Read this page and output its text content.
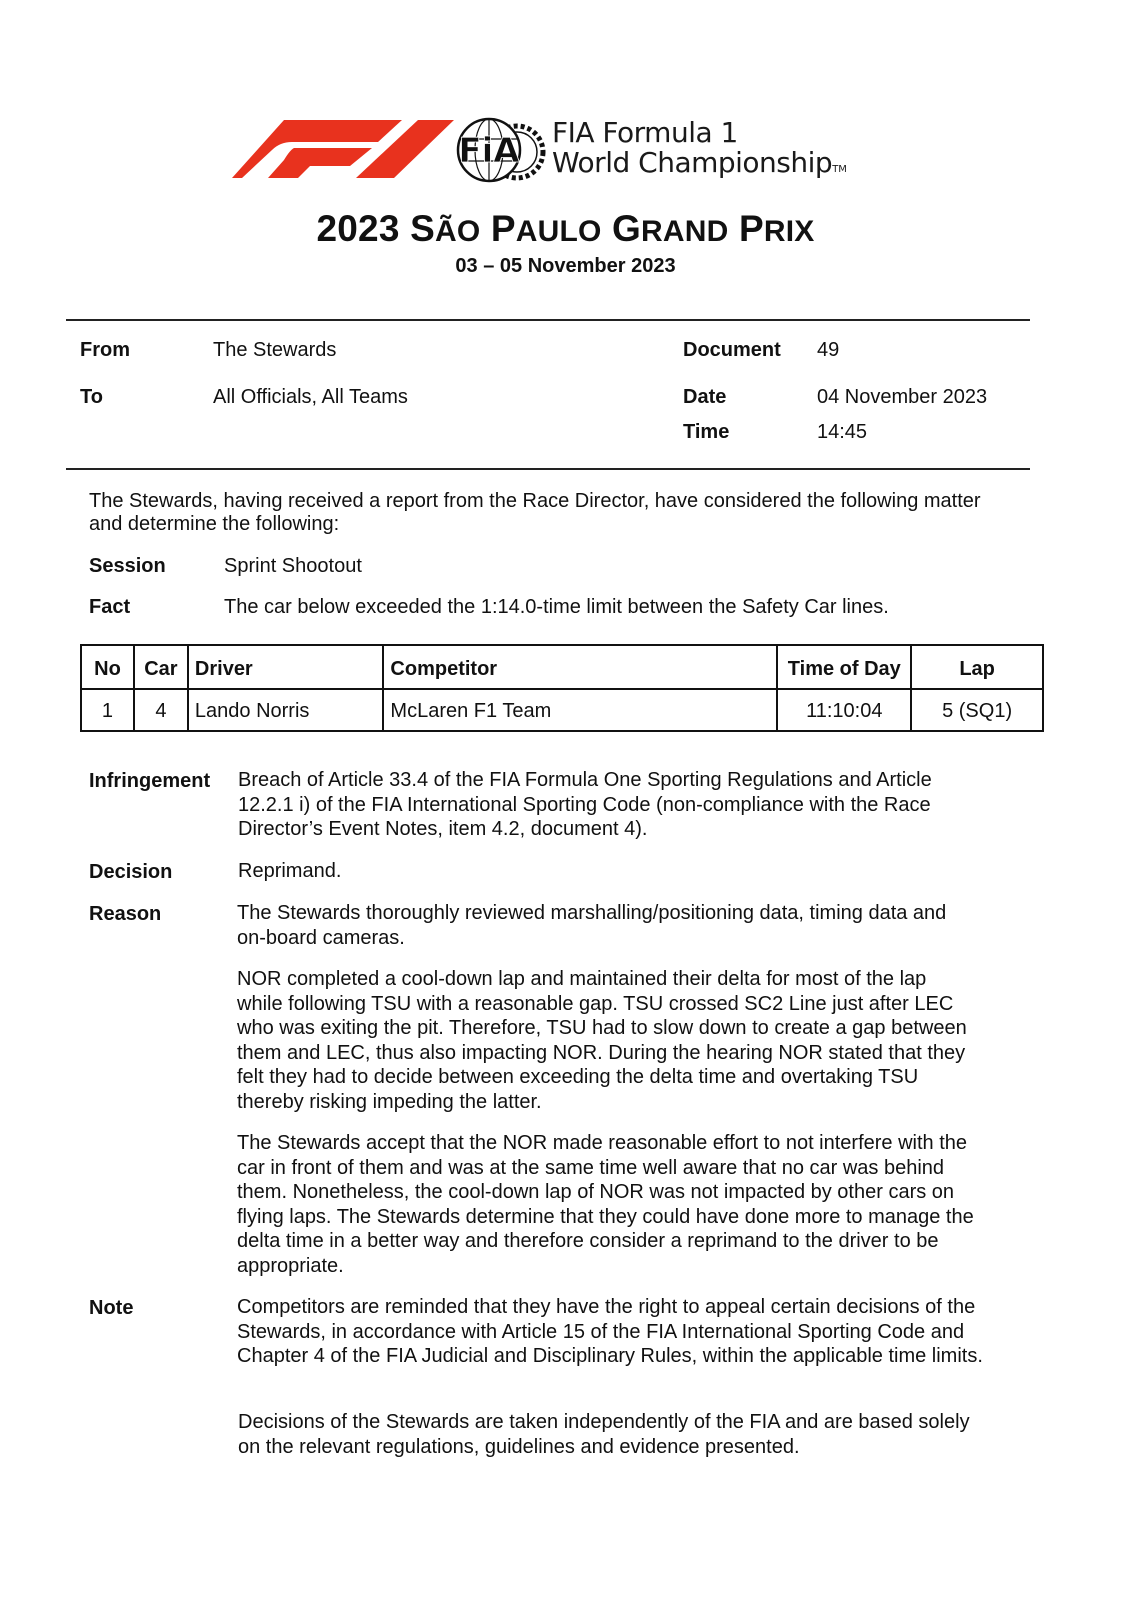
FiA FIA Formula 1
World ChampionshipTM
2023 SÃO PAULO GRAND PRIX
03 – 05 November 2023
From	The Stewards
To	All Officials, All Teams
Document 49
Date	04 November 2023
Time	14:45
The Stewards, having received a report from the Race Director, have considered the following matter
and determine the following:
Session	Sprint Shootout
Fact	The car below exceeded the 1:14.0-time limit between the Safety Car lines.
No	Car	Driver	Competitor	Time of Day	Lap
1	4	Lando Norris	McLaren F1 Team	11:10:04	5 (SQ1)
Infringement Breach of Article 33.4 of the FIA Formula One Sporting Regulations and Article
12.2.1 i) of the FIA International Sporting Code (non-compliance with the Race
Director’s Event Notes, item 4.2, document 4).
Decision	Reprimand.
Reason	The Stewards thoroughly reviewed marshalling/positioning data, timing data and
on-board cameras.
NOR completed a cool-down lap and maintained their delta for most of the lap
while following TSU with a reasonable gap. TSU crossed SC2 Line just after LEC
who was exiting the pit. Therefore, TSU had to slow down to create a gap between
them and LEC, thus also impacting NOR. During the hearing NOR stated that they
felt they had to decide between exceeding the delta time and overtaking TSU
thereby risking impeding the latter.
The Stewards accept that the NOR made reasonable effort to not interfere with the
car in front of them and was at the same time well aware that no car was behind
them. Nonetheless, the cool-down lap of NOR was not impacted by other cars on
flying laps. The Stewards determine that they could have done more to manage the
delta time in a better way and therefore consider a reprimand to the driver to be
appropriate.
Note	Competitors are reminded that they have the right to appeal certain decisions of the
Stewards, in accordance with Article 15 of the FIA International Sporting Code and
Chapter 4 of the FIA Judicial and Disciplinary Rules, within the applicable time limits.
Decisions of the Stewards are taken independently of the FIA and are based solely
on the relevant regulations, guidelines and evidence presented.
